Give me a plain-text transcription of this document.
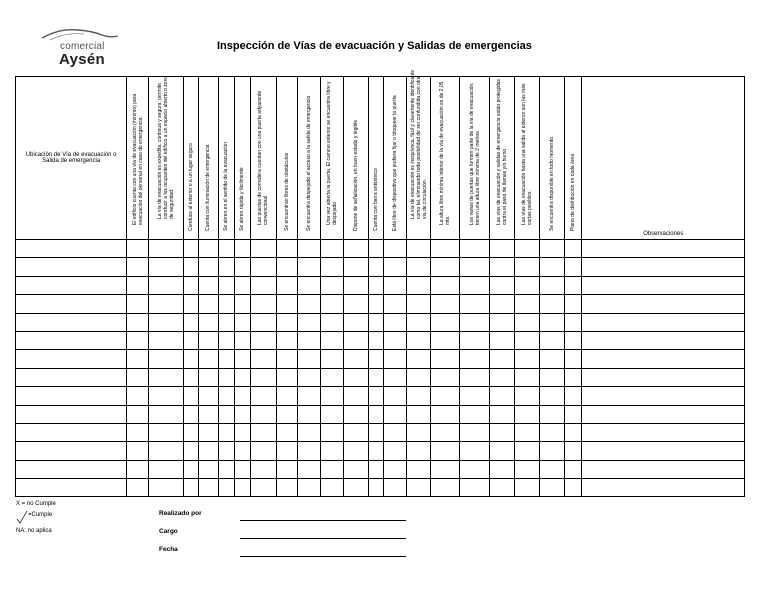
comercial
Aysén
Inspección de Vías de evacuación y Salidas de emergencias
Ubicación de Vía de evacuación o Salida de emergencia	El edificio cuenta con una vía de evacuación (mínimo) para evacuación del personal en caso de emergencia.	La vía de evacuación es expedita, continua y segura, permite conducir a los ocupantes del edificio a un espacio abierto o zona de seguridad.	Conduce al exterior o a un lugar seguro	Cuenta con iluminación de emergencia	Se abren en el sentido de la evacuación	Se abren rápida y fácilmente	Las puertas de corredera cuentan con una puerta adyacente convencional	Se encuentran libres de obstáculos	Se encuentra despejado el acceso a la salida de emergencia	Una vez abierta la puerta, El camino exterior se encuentra libre y despejado	Dispone de señalización, en buen estado y legible	Cuenta con barra antipánico	Está libre de dispositivo que pudiera fijar o bloquear la puerta	La vía de evacuación es inequívoca, fácil y claramente identificable como tal, eliminando toda posibilidad de ser confundida con otra vía de circulación.	La altura libre mínima interior de la vía de evacuación es de 2,05 mts.	Los vanos de puertas que formen parte de la vía de evacuación, tienen una altura libre mínima de 2 metros.	Las vías de evacuación y salidas de emergencia están protegidas contra el paso de llamas y/o humo	Las vías de evacuación hasta una salida al exterior son las más cortas posibles.	Se encuentra disponible en todo momento.	Plano de distribución en cada área	Observaciones

X = no Cumple
=Cumple
NA: no aplica
Realizado por
Cargo
Fecha
